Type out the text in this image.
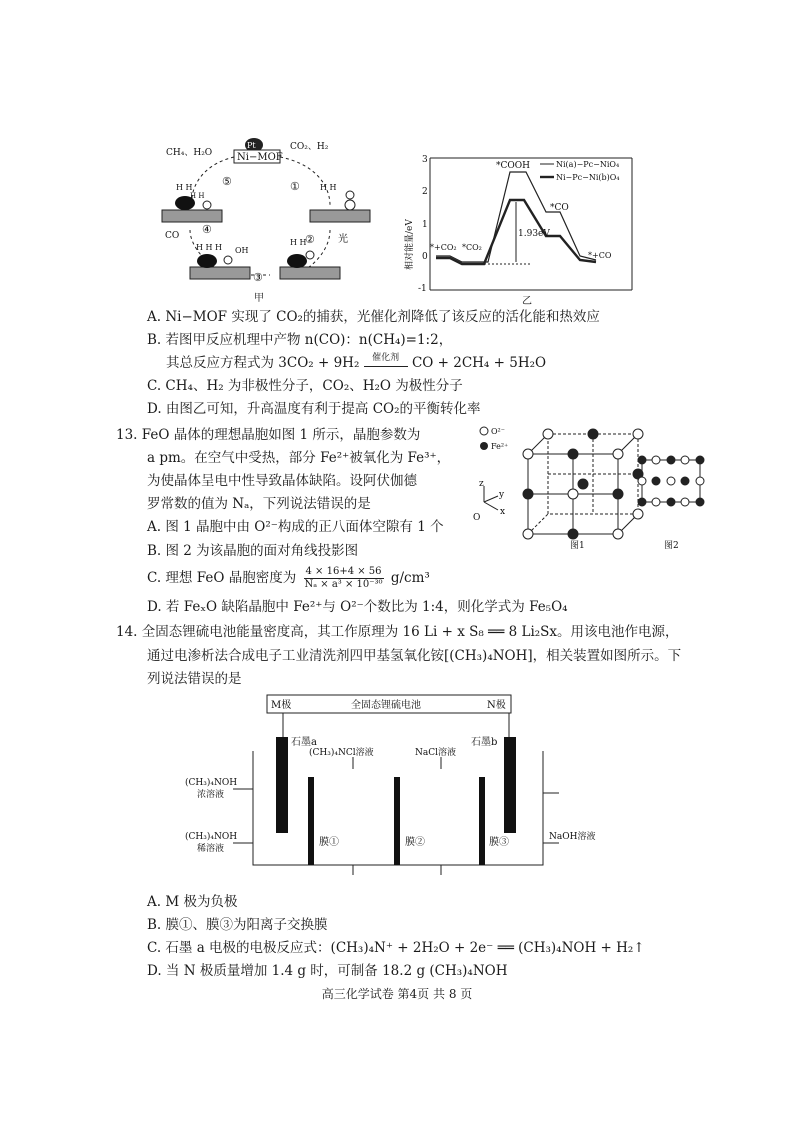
Pt
Ni−MOF
CH₄、H₂O
CO₂、H₂
⑤	①
④
②
③
H H
H H
H H
H H H OH
H H
CO	光
甲
相对能量/eV
3
2
1
0
-1
1.93eV
*COOH
*CO
*+CO₂ *CO₂
*+CO
Ni(a)−Pc−NiO₄
Ni−Pc−Ni(b)O₄
乙
A. Ni−MOF 实现了 CO₂的捕获，光催化剂降低了该反应的活化能和热效应
B. 若图甲反应机理中产物 n(CO)：n(CH₄)=1:2，
其总反应方程式为 3CO₂ + 9H₂	催化剂 CO + 2CH₄ + 5H₂O
C. CH₄、H₂ 为非极性分子，CO₂、H₂O 为极性分子
D. 由图乙可知，升高温度有利于提高 CO₂的平衡转化率
13. FeO 晶体的理想晶胞如图 1 所示，晶胞参数为
a pm。在空气中受热，部分 Fe²⁺被氧化为 Fe³⁺，
为使晶体呈电中性导致晶体缺陷。设阿伏伽德
罗常数的值为 Nₐ，下列说法错误的是
O²⁻
Fe²⁺
z
y
x
O
图1	图2
A. 图 1 晶胞中由 O²⁻构成的正八面体空隙有 1 个
B. 图 2 为该晶胞的面对角线投影图
C. 理想 FeO 晶胞密度为 $\frac{4 \times 16+4 \times 56}{\text{Nₐ × a³ × 10⁻³⁰}} g/cm^3$
D. 若 FeₓO 缺陷晶胞中 Fe²⁺与 O²⁻个数比为 1:4，则化学式为 Fe₅O₄
14. 全固态锂硫电池能量密度高，其工作原理为 16 Li + x S₈ ══ 8 Li₂Sx。用该电池作电源，
通过电渗析法合成电子工业清洗剂四甲基氢氧化铵[(CH₃)₄NOH]，相关装置如图所示。下
列说法错误的是
M极	全固态锂硫电池	N极
石墨a	石墨b
(CH₃)₄NCl溶液	NaCl溶液
(CH₃)₄NOH
浓溶液
(CH₃)₄NOH
稀溶液
NaOH溶液
膜①	膜②	膜③
A. M 极为负极
B. 膜①、膜③为阳离子交换膜
C. 石墨 a 电极的电极反应式：(CH₃)₄N⁺ + 2H₂O + 2e⁻ ══ (CH₃)₄NOH + H₂↑
D. 当 N 极质量增加 1.4 g 时，可制备 18.2 g (CH₃)₄NOH
高三化学试卷 第4页 共 8 页
